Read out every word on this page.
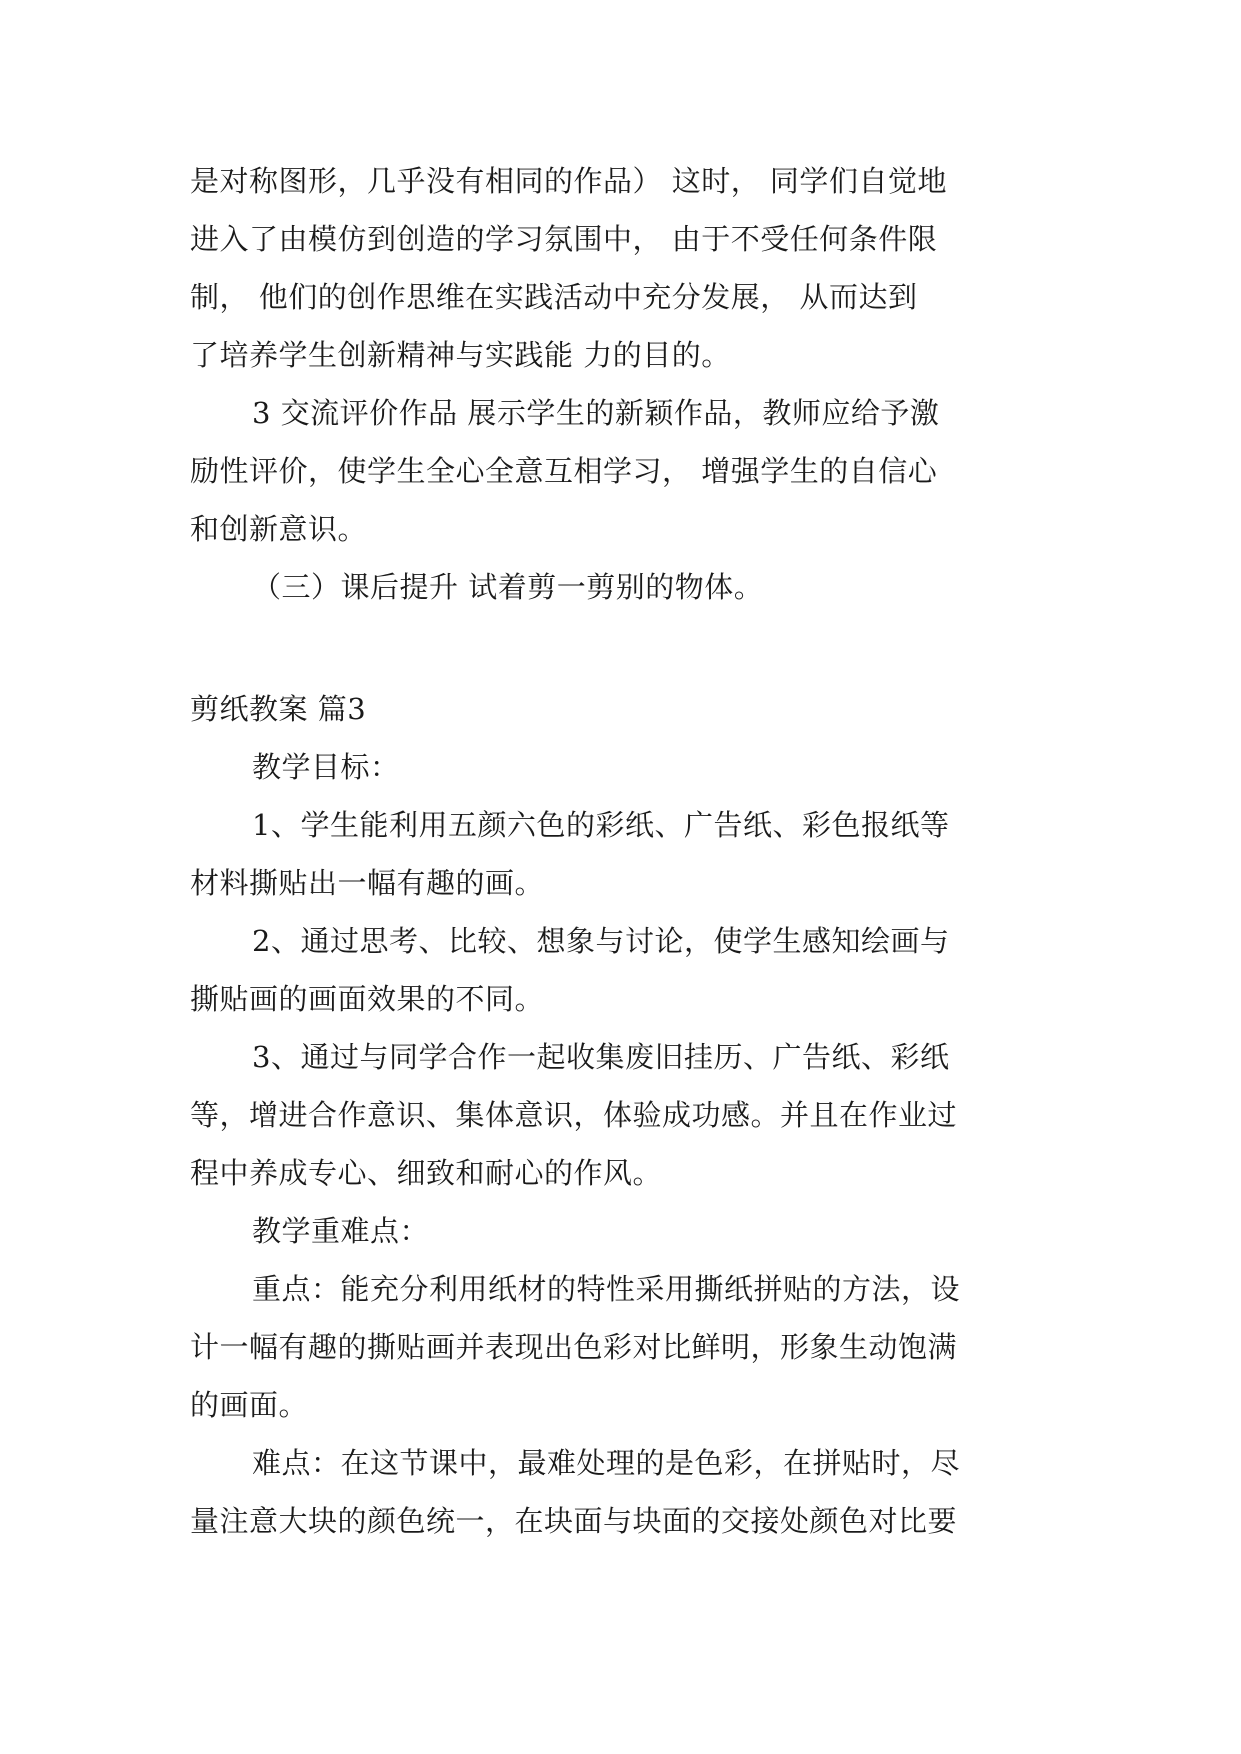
是对称图形，几乎没有相同的作品） 这时， 同学们自觉地
进入了由模仿到创造的学习氛围中， 由于不受任何条件限
制， 他们的创作思维在实践活动中充分发展， 从而达到
了培养学生创新精神与实践能 力的目的。
3 交流评价作品 展示学生的新颖作品，教师应给予激
励性评价，使学生全心全意互相学习， 增强学生的自信心
和创新意识。
（三）课后提升 试着剪一剪别的物体。
剪纸教案 篇3
教学目标：
1、学生能利用五颜六色的彩纸、广告纸、彩色报纸等
材料撕贴出一幅有趣的画。
2、通过思考、比较、想象与讨论，使学生感知绘画与
撕贴画的画面效果的不同。
3、通过与同学合作一起收集废旧挂历、广告纸、彩纸
等，增进合作意识、集体意识，体验成功感。并且在作业过
程中养成专心、细致和耐心的作风。
教学重难点：
重点：能充分利用纸材的特性采用撕纸拼贴的方法，设
计一幅有趣的撕贴画并表现出色彩对比鲜明，形象生动饱满
的画面。
难点：在这节课中，最难处理的是色彩，在拼贴时，尽
量注意大块的颜色统一，在块面与块面的交接处颜色对比要
